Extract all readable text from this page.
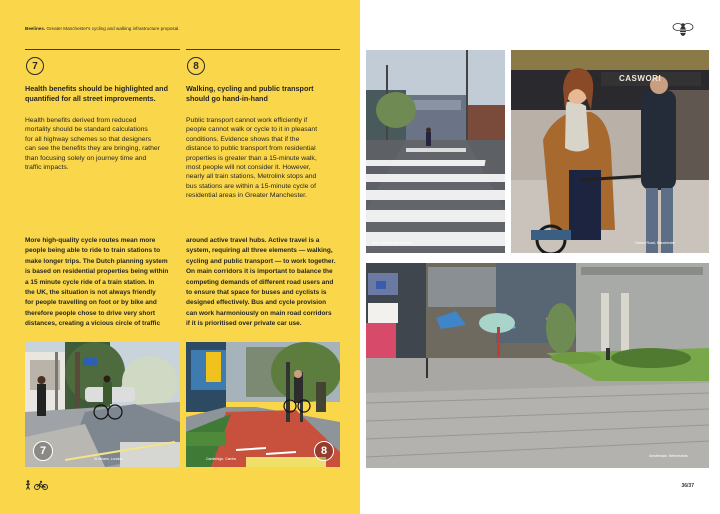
Beelines. Greater Manchester's cycling and walking infrastructure proposal.
7
Health benefits should be highlighted and
quantified for all street improvements.
Health benefits derived from reduced
mortality should be standard calculations
for all highway schemes so that designers
can see the benefits they are bringing, rather
than focusing solely on journey time and
traffic impacts.
8
Walking, cycling and public transport
should go hand-in-hand
Public transport cannot work efficiently if
people cannot walk or cycle to it in pleasant
conditions. Evidence shows that if the
distance to public transport from residential
properties is greater than a 15-minute walk,
most people will not consider it. However,
nearly all train stations, Metrolink stops and
bus stations are within a 15-minute cycle of
residential areas in Greater Manchester.
More high-quality cycle routes mean more
people being able to ride to train stations to
make longer trips. The Dutch planning system
is based on residential properties being within
a 15 minute cycle ride of a train station. In
the UK, the situation is not always friendly
for people travelling on foot or by bike and
therefore people chose to drive very short
distances, creating a vicious circle of traffic
around active travel hubs. Active travel is a
system, requiring all three elements — walking,
cycling and public transport — to work together.
On main corridors it is important to balance the
competing demands of different road users and
to ensure that space for buses and cyclists is
designed effectively. Bus and cycle provision
can work harmoniously on main road corridors
if it is prioritised over private car use.
7
St Albans, London
8
Cambridge, Cambs
Bury, Greater Manchester
CASWORI
Oxford Road, Manchester
Amsterdam, Netherlands
36/37
